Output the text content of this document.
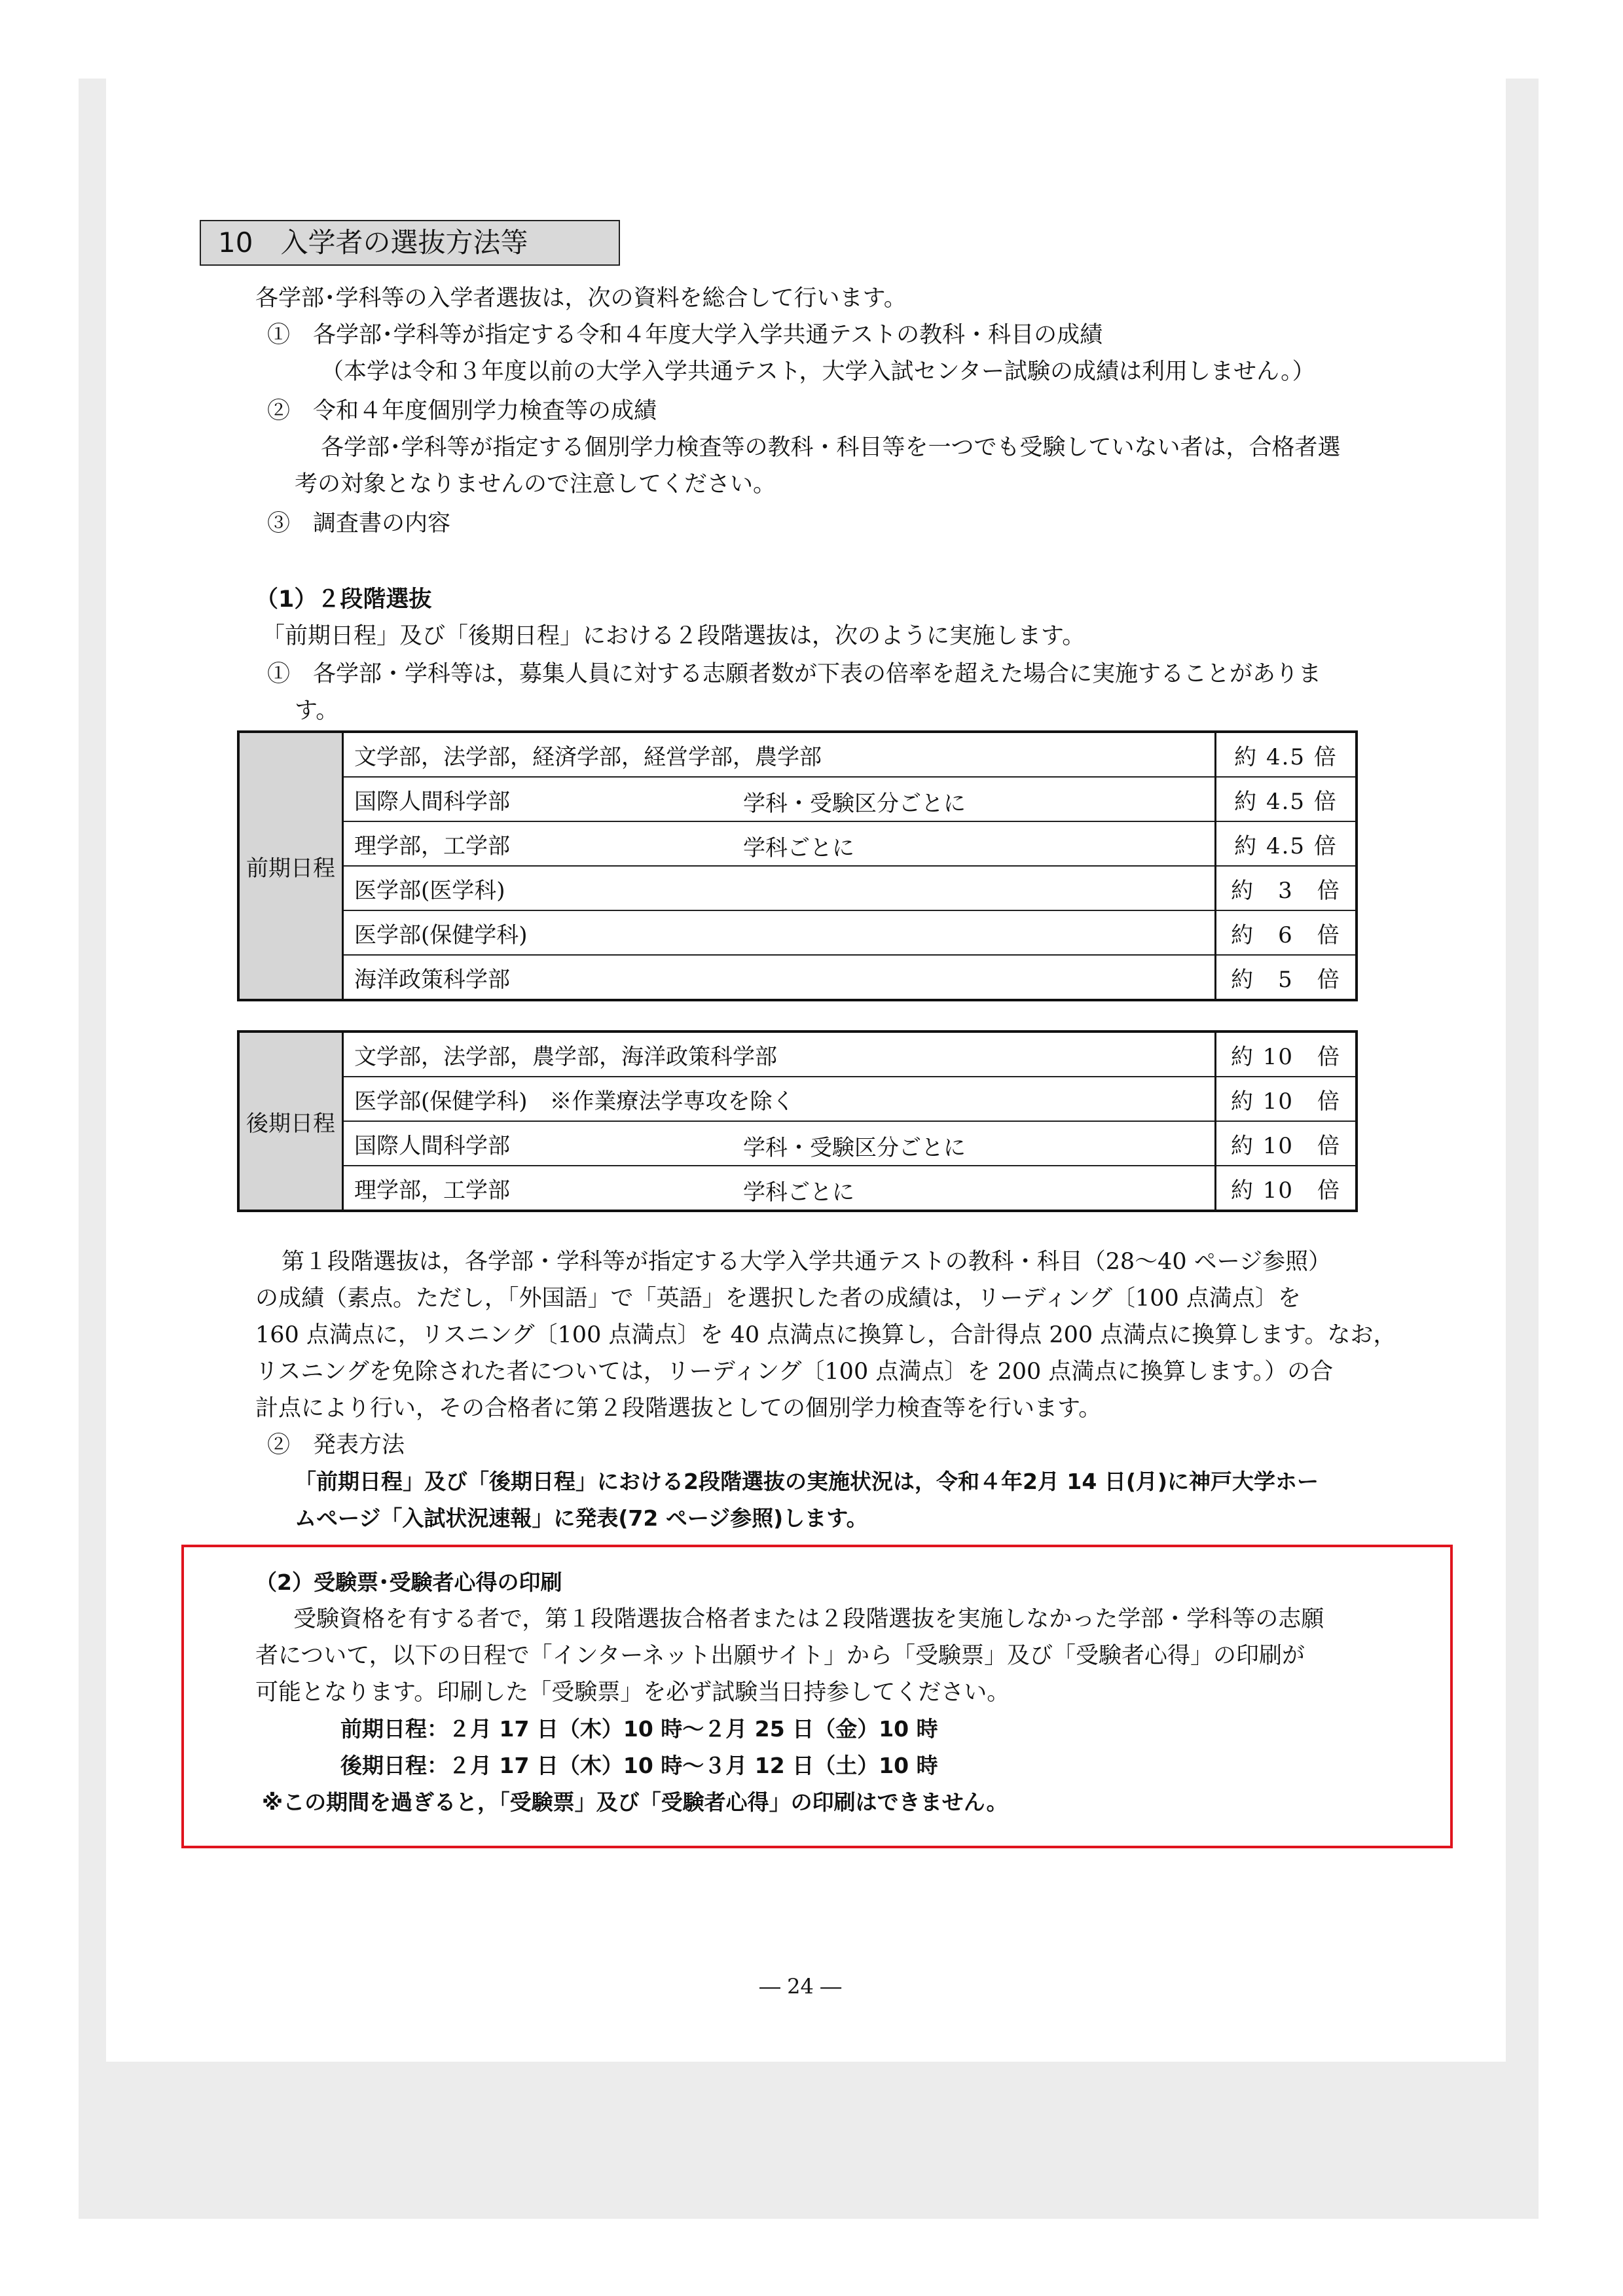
10　入学者の選抜方法等
各学部･学科等の入学者選抜は，次の資料を総合して行います。
①　各学部･学科等が指定する令和４年度大学入学共通テストの教科・科目の成績
（本学は令和３年度以前の大学入学共通テスト，大学入試センター試験の成績は利用しません。）
②　令和４年度個別学力検査等の成績
各学部･学科等が指定する個別学力検査等の教科・科目等を一つでも受験していない者は，合格者選
考の対象となりませんので注意してください。
③　調査書の内容
（1）２段階選抜
「前期日程」及び「後期日程」における２段階選抜は，次のように実施します。
①　各学部・学科等は，募集人員に対する志願者数が下表の倍率を超えた場合に実施することがありま
す。
前期日程	文学部，法学部，経済学部，経営学部，農学部	約 4.5 倍
	国際人間科学部 学科・受験区分ごとに	約 4.5 倍
	理学部，工学部 学科ごとに	約 4.5 倍
	医学部(医学科)	約　3　倍
	医学部(保健学科)	約　6　倍
	海洋政策科学部	約　5　倍
後期日程	文学部，法学部，農学部，海洋政策科学部	約 10　倍
	医学部(保健学科)　※作業療法学専攻を除く	約 10　倍
	国際人間科学部 学科・受験区分ごとに	約 10　倍
	理学部，工学部 学科ごとに	約 10　倍
第１段階選抜は，各学部・学科等が指定する大学入学共通テストの教科・科目（28～40 ページ参照）
の成績（素点。ただし，「外国語」で「英語」を選択した者の成績は，リーディング〔100 点満点〕を
160 点満点に，リスニング〔100 点満点〕を 40 点満点に換算し，合計得点 200 点満点に換算します。なお，
リスニングを免除された者については，リーディング〔100 点満点〕を 200 点満点に換算します。）の合
計点により行い，その合格者に第２段階選抜としての個別学力検査等を行います。
②　発表方法
「前期日程」及び「後期日程」における2段階選抜の実施状況は，令和４年2月 14 日(月)に神戸大学ホー
ムページ「入試状況速報」に発表(72 ページ参照)します。
（2）受験票･受験者心得の印刷
受験資格を有する者で，第１段階選抜合格者または２段階選抜を実施しなかった学部・学科等の志願
者について，以下の日程で「インターネット出願サイト」から「受験票」及び「受験者心得」の印刷が
可能となります。印刷した「受験票」を必ず試験当日持参してください。
前期日程：２月 17 日（木）10 時～２月 25 日（金）10 時
後期日程：２月 17 日（木）10 時～３月 12 日（土）10 時
※この期間を過ぎると，「受験票」及び「受験者心得」の印刷はできません。
― 24 ―
